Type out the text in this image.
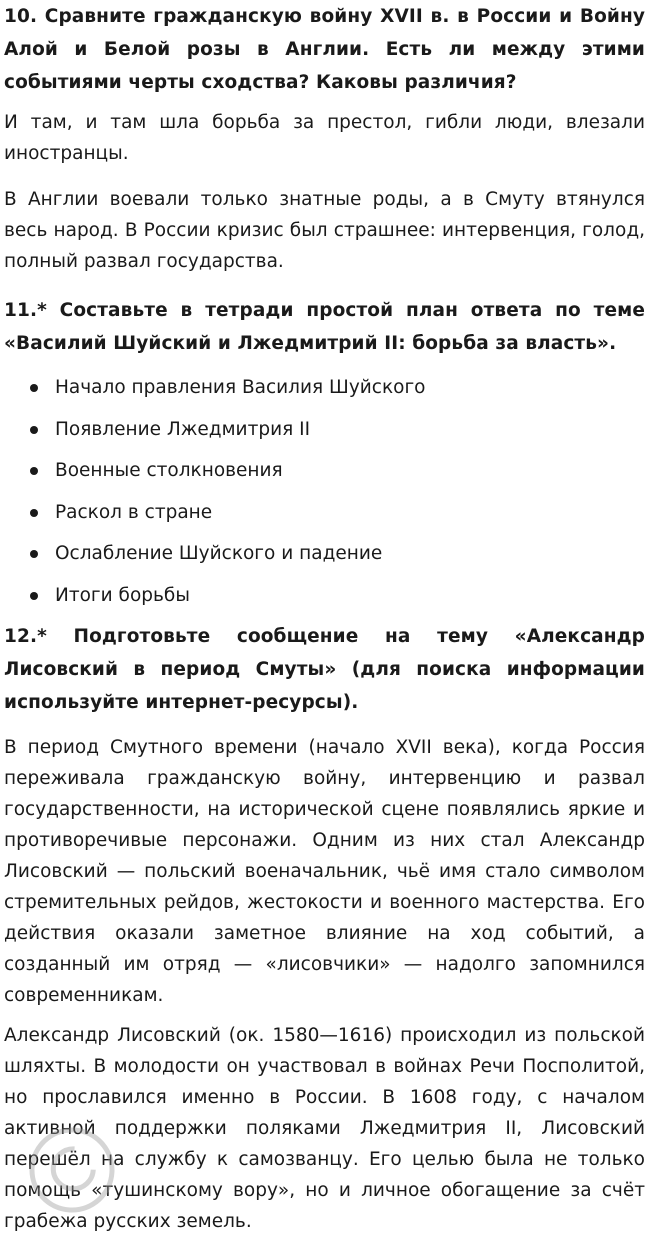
10. Сравните гражданскую войну XVII в. в России и Войну Алой и Белой розы в Англии. Есть ли между этими событиями черты сходства? Каковы различия?
И там, и там шла борьба за престол, гибли люди, влезали иностранцы.
В Англии воевали только знатные роды, а в Смуту втянулся весь народ. В России кризис был страшнее: интервенция, голод, полный развал государства.
11.* Составьте в тетради простой план ответа по теме «Василий Шуйский и Лжедмитрий II: борьба за власть».
Начало правления Василия Шуйского
Появление Лжедмитрия II
Военные столкновения
Раскол в стране
Ослабление Шуйского и падение
Итоги борьбы
12.* Подготовьте сообщение на тему «Александр Лисовский в период Смуты» (для поиска информации используйте интернет-ресурсы).
В период Смутного времени (начало XVII века), когда Россия переживала гражданскую войну, интервенцию и развал государственности, на исторической сцене появлялись яркие и противоречивые персонажи. Одним из них стал Александр Лисовский — польский военачальник, чьё имя стало символом стремительных рейдов, жестокости и военного мастерства. Его действия оказали заметное влияние на ход событий, а созданный им отряд — «лисовчики» — надолго запомнился современникам.
Александр Лисовский (ок. 1580—1616) происходил из польской шляхты. В молодости он участвовал в войнах Речи Посполитой, но прославился именно в России. В 1608 году, с началом активной поддержки поляками Лжедмитрия II, Лисовский перешёл на службу к самозванцу. Его целью была не только помощь «тушинскому вору», но и личное обогащение за счёт грабежа русских земель.
